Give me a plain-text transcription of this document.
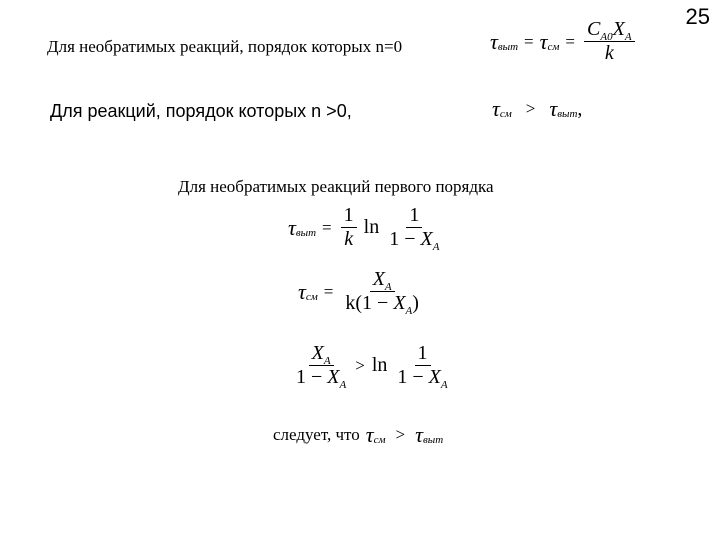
25
Для необратимых реакций, порядок которых n=0	τ выт = τ см = $\frac{C_{A0}X_A}{k}$
Для реакций, порядок которых n >0,	τ см > τ выт ,
Для необратимых реакций первого порядка
τ выт = $\frac{1}{k}$ $\ln \frac{1}{1 - X_A}$
τ см = $\frac{X_A}{k(1 - X_A)}$
$\frac{X_A}{1 - X_A} > \ln \frac{1}{1 - X_A}$
следует, что τ см > τ выт
